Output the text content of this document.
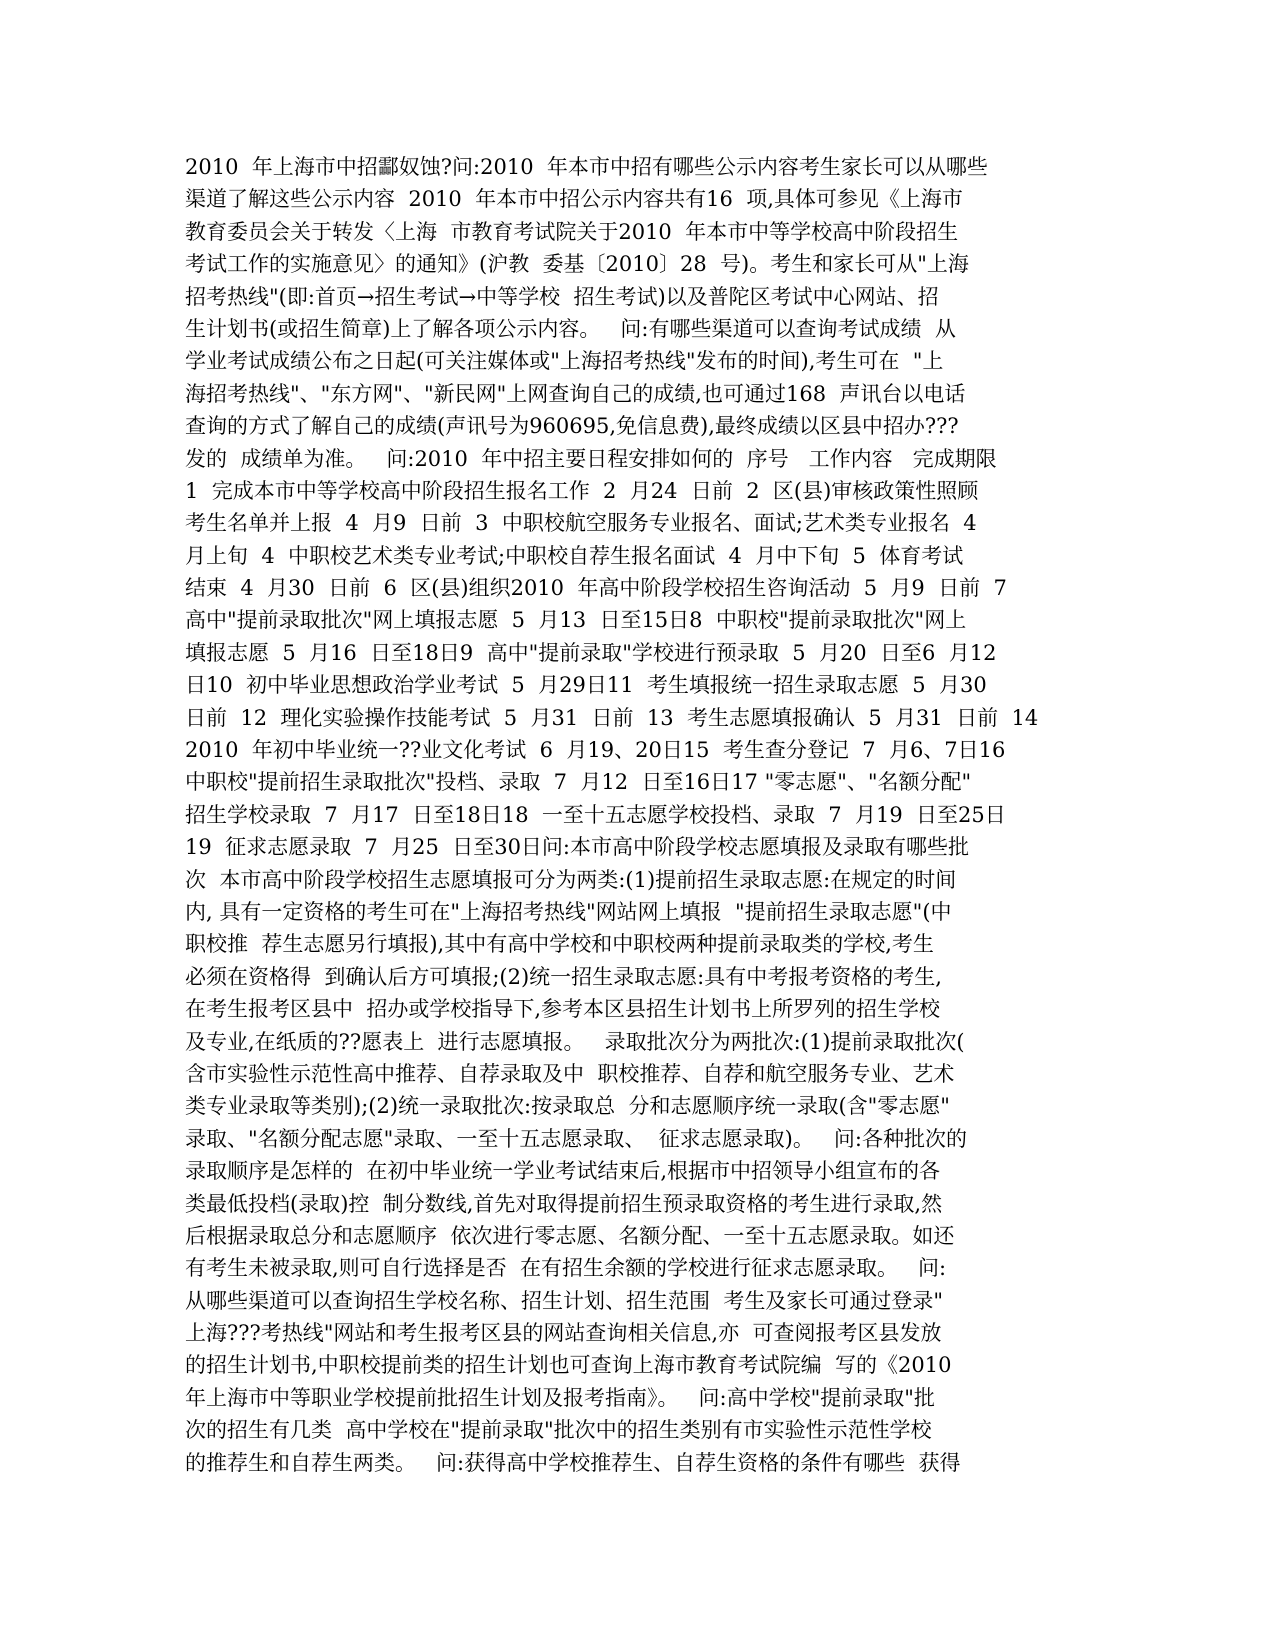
2010  年上海市中招酃奴蚀?问:2010  年本市中招有哪些公示内容考生家长可以从哪些
渠道了解这些公示内容  2010  年本市中招公示内容共有16  项,具体可参见《上海市
教育委员会关于转发〈上海  市教育考试院关于2010  年本市中等学校高中阶段招生
考试工作的实施意见〉的通知》(沪教  委基〔2010〕28  号)。考生和家长可从"上海
招考热线"(即:首页→招生考试→中等学校  招生考试)以及普陀区考试中心网站、招
生计划书(或招生简章)上了解各项公示内容。   问:有哪些渠道可以查询考试成绩  从
学业考试成绩公布之日起(可关注媒体或"上海招考热线"发布的时间),考生可在  "上
海招考热线"、"东方网"、"新民网"上网查询自己的成绩,也可通过168  声讯台以电话
查询的方式了解自己的成绩(声讯号为960695,免信息费),最终成绩以区县中招办???
发的  成绩单为准。   问:2010  年中招主要日程安排如何的  序号   工作内容   完成期限
1  完成本市中等学校高中阶段招生报名工作  2  月24  日前  2  区(县)审核政策性照顾
考生名单并上报  4  月9  日前  3  中职校航空服务专业报名、面试;艺术类专业报名  4
月上旬  4  中职校艺术类专业考试;中职校自荐生报名面试  4  月中下旬  5  体育考试
结束  4  月30  日前  6  区(县)组织2010  年高中阶段学校招生咨询活动  5  月9  日前  7
高中"提前录取批次"网上填报志愿  5  月13  日至15日8  中职校"提前录取批次"网上
填报志愿  5  月16  日至18日9  高中"提前录取"学校进行预录取  5  月20  日至6  月12
日10  初中毕业思想政治学业考试  5  月29日11  考生填报统一招生录取志愿  5  月30
日前  12  理化实验操作技能考试  5  月31  日前  13  考生志愿填报确认  5  月31  日前  14
2010  年初中毕业统一??业文化考试  6  月19、20日15  考生查分登记  7  月6、7日16
中职校"提前招生录取批次"投档、录取  7  月12  日至16日17 "零志愿"、"名额分配"
招生学校录取  7  月17  日至18日18  一至十五志愿学校投档、录取  7  月19  日至25日
19  征求志愿录取  7  月25  日至30日问:本市高中阶段学校志愿填报及录取有哪些批
次  本市高中阶段学校招生志愿填报可分为两类:(1)提前招生录取志愿:在规定的时间
内, 具有一定资格的考生可在"上海招考热线"网站网上填报  "提前招生录取志愿"(中
职校推  荐生志愿另行填报),其中有高中学校和中职校两种提前录取类的学校,考生
必须在资格得  到确认后方可填报;(2)统一招生录取志愿:具有中考报考资格的考生,
在考生报考区县中  招办或学校指导下,参考本区县招生计划书上所罗列的招生学校
及专业,在纸质的??愿表上  进行志愿填报。   录取批次分为两批次:(1)提前录取批次(
含市实验性示范性高中推荐、自荐录取及中  职校推荐、自荐和航空服务专业、艺术
类专业录取等类别);(2)统一录取批次:按录取总  分和志愿顺序统一录取(含"零志愿"
录取、"名额分配志愿"录取、一至十五志愿录取、  征求志愿录取)。   问:各种批次的
录取顺序是怎样的  在初中毕业统一学业考试结束后,根据市中招领导小组宣布的各
类最低投档(录取)控  制分数线,首先对取得提前招生预录取资格的考生进行录取,然
后根据录取总分和志愿顺序  依次进行零志愿、名额分配、一至十五志愿录取。如还
有考生未被录取,则可自行选择是否  在有招生余额的学校进行征求志愿录取。   问:
从哪些渠道可以查询招生学校名称、招生计划、招生范围  考生及家长可通过登录"
上海???考热线"网站和考生报考区县的网站查询相关信息,亦  可查阅报考区县发放
的招生计划书,中职校提前类的招生计划也可查询上海市教育考试院编  写的《2010
年上海市中等职业学校提前批招生计划及报考指南》。   问:高中学校"提前录取"批
次的招生有几类  高中学校在"提前录取"批次中的招生类别有市实验性示范性学校
的推荐生和自荐生两类。   问:获得高中学校推荐生、自荐生资格的条件有哪些  获得
